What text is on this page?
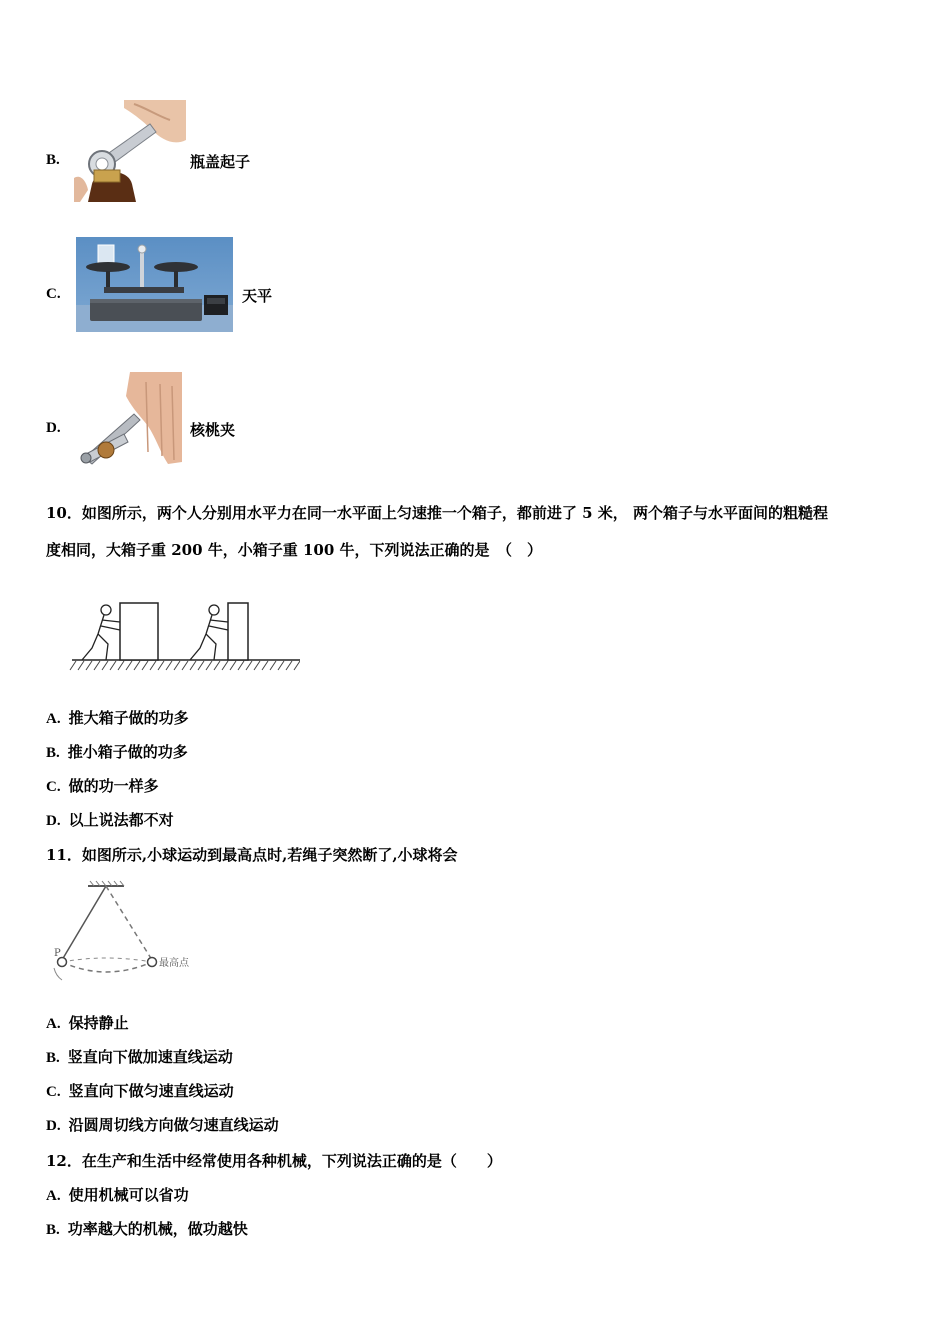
B.	瓶盖起子
C.	天平
D.	核桃夹
10．如图所示，两个人分别用水平力在同一水平面上匀速推一个箱子，都前进了 5 米， 两个箱子与水平面间的粗糙程
度相同，大箱子重 200 牛，小箱子重 100 牛，下列说法正确的是　（　）
A. 推大箱子做的功多
B. 推小箱子做的功多
C. 做的功一样多
D. 以上说法都不对
11．如图所示,小球运动到最高点时,若绳子突然断了,小球将会
P
最高点
A. 保持静止
B. 竖直向下做加速直线运动
C. 竖直向下做匀速直线运动
D. 沿圆周切线方向做匀速直线运动
12．在生产和生活中经常使用各种机械，下列说法正确的是（　　）
A. 使用机械可以省功
B. 功率越大的机械，做功越快
